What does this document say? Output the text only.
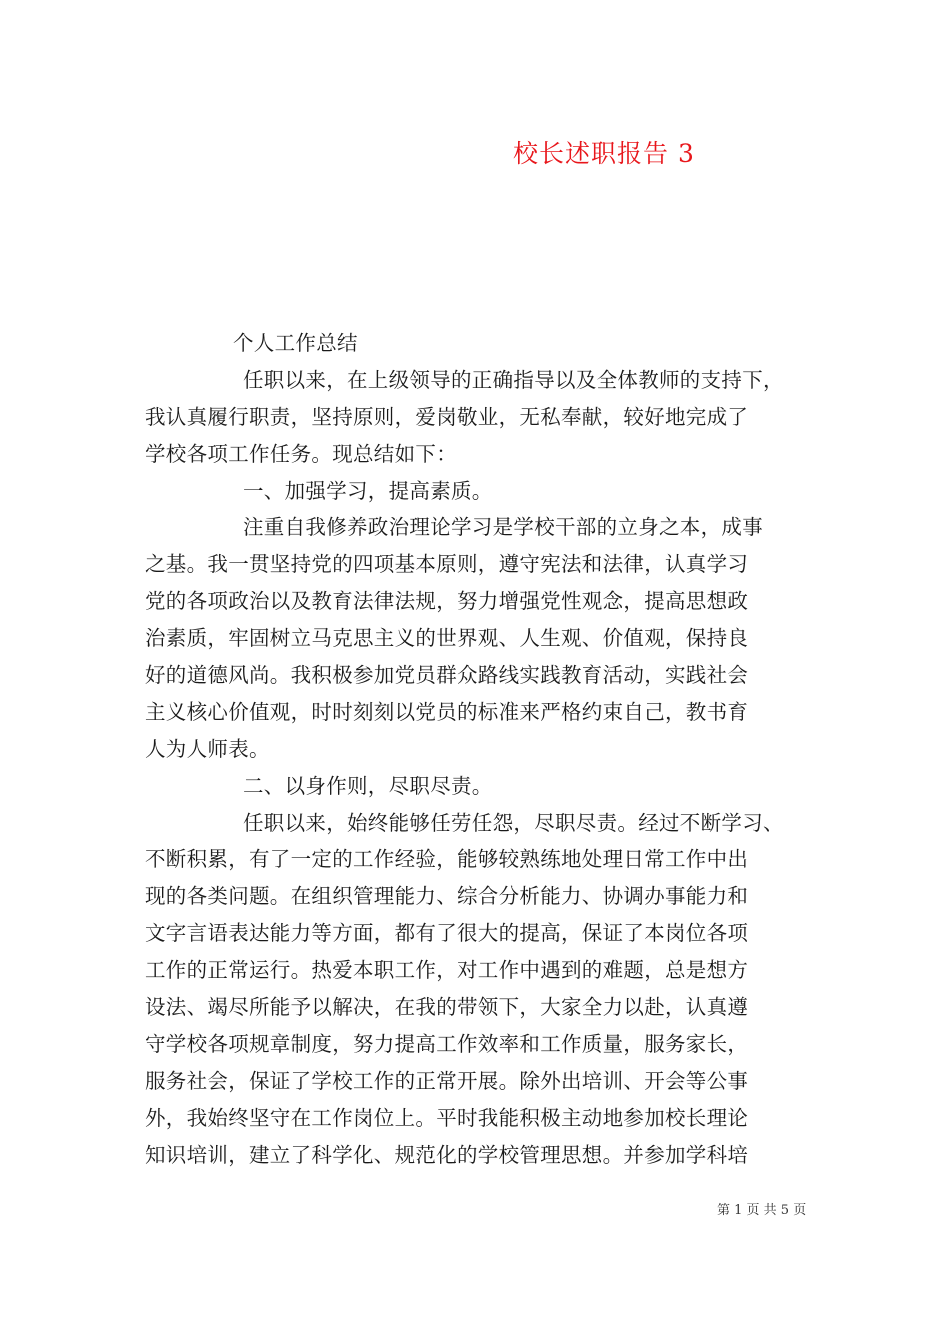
校长述职报告 3
个人工作总结
任职以来，在上级领导的正确指导以及全体教师的支持下，
我认真履行职责，坚持原则，爱岗敬业，无私奉献，较好地完成了
学校各项工作任务。现总结如下：
一、加强学习，提高素质。
注重自我修养政治理论学习是学校干部的立身之本，成事
之基。我一贯坚持党的四项基本原则，遵守宪法和法律，认真学习
党的各项政治以及教育法律法规，努力增强党性观念，提高思想政
治素质，牢固树立马克思主义的世界观、人生观、价值观，保持良
好的道德风尚。我积极参加党员群众路线实践教育活动，实践社会
主义核心价值观，时时刻刻以党员的标准来严格约束自己，教书育
人为人师表。
二、以身作则，尽职尽责。
任职以来，始终能够任劳任怨，尽职尽责。经过不断学习、
不断积累，有了一定的工作经验，能够较熟练地处理日常工作中出
现的各类问题。在组织管理能力、综合分析能力、协调办事能力和
文字言语表达能力等方面，都有了很大的提高，保证了本岗位各项
工作的正常运行。热爱本职工作，对工作中遇到的难题，总是想方
设法、竭尽所能予以解决，在我的带领下，大家全力以赴，认真遵
守学校各项规章制度，努力提高工作效率和工作质量，服务家长，
服务社会，保证了学校工作的正常开展。除外出培训、开会等公事
外，我始终坚守在工作岗位上。平时我能积极主动地参加校长理论
知识培训，建立了科学化、规范化的学校管理思想。并参加学科培
第 1 页 共 5 页
